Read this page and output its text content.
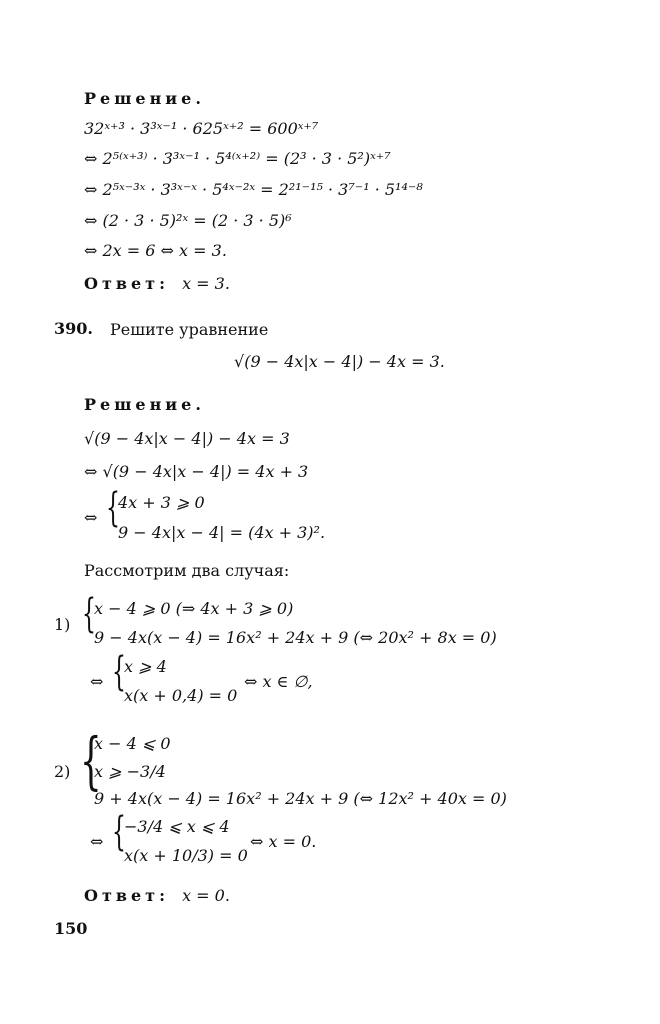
Решение.
32ˣ⁺³ · 3³ˣ⁻¹ · 625ˣ⁺² = 600ˣ⁺⁷
⇔ 2⁵⁽ˣ⁺³⁾ · 3³ˣ⁻¹ · 5⁴⁽ˣ⁺²⁾ = (2³ · 3 · 5²)ˣ⁺⁷
⇔ 2⁵ˣ⁻³ˣ · 3³ˣ⁻ˣ · 5⁴ˣ⁻²ˣ = 2²¹⁻¹⁵ · 3⁷⁻¹ · 5¹⁴⁻⁸
⇔ (2 · 3 · 5)²ˣ = (2 · 3 · 5)⁶
⇔ 2x = 6 ⇔ x = 3.
Ответ: x = 3.
390. Решите уравнение
√(9 − 4x|x − 4|) − 4x = 3.
Решение.
√(9 − 4x|x − 4|) − 4x = 3
⇔ √(9 − 4x|x − 4|) = 4x + 3
⇔ {
4x + 3 ⩾ 0
9 − 4x|x − 4| = (4x + 3)².
Рассмотрим два случая:
1) {
x − 4 ⩾ 0 (⇒ 4x + 3 ⩾ 0)
9 − 4x(x − 4) = 16x² + 24x + 9 (⇔ 20x² + 8x = 0)
⇔ {
x ⩾ 4
x(x + 0,4) = 0
⇔ x ∈ ∅,
2) {
x − 4 ⩽ 0
x ⩾ −3/4
9 + 4x(x − 4) = 16x² + 24x + 9 (⇔ 12x² + 40x = 0)
⇔ {
−3/4 ⩽ x ⩽ 4
x(x + 10/3) = 0
⇔ x = 0.
Ответ: x = 0.
150
